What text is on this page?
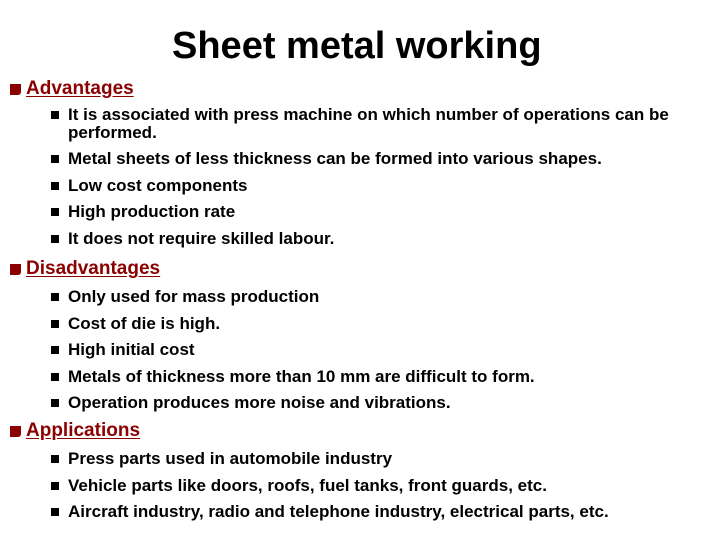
Sheet metal working
Advantages
It is associated with press machine on which number of operations can be performed.
Metal sheets of less thickness can be formed into various shapes.
Low cost components
High production rate
It does not require skilled labour.
Disadvantages
Only used for mass production
Cost of die is high.
High initial cost
Metals of thickness more than 10 mm are difficult to form.
Operation produces more noise and vibrations.
Applications
Press parts used in automobile industry
Vehicle parts like doors, roofs, fuel tanks, front guards, etc.
Aircraft industry, radio and telephone industry, electrical parts, etc.
